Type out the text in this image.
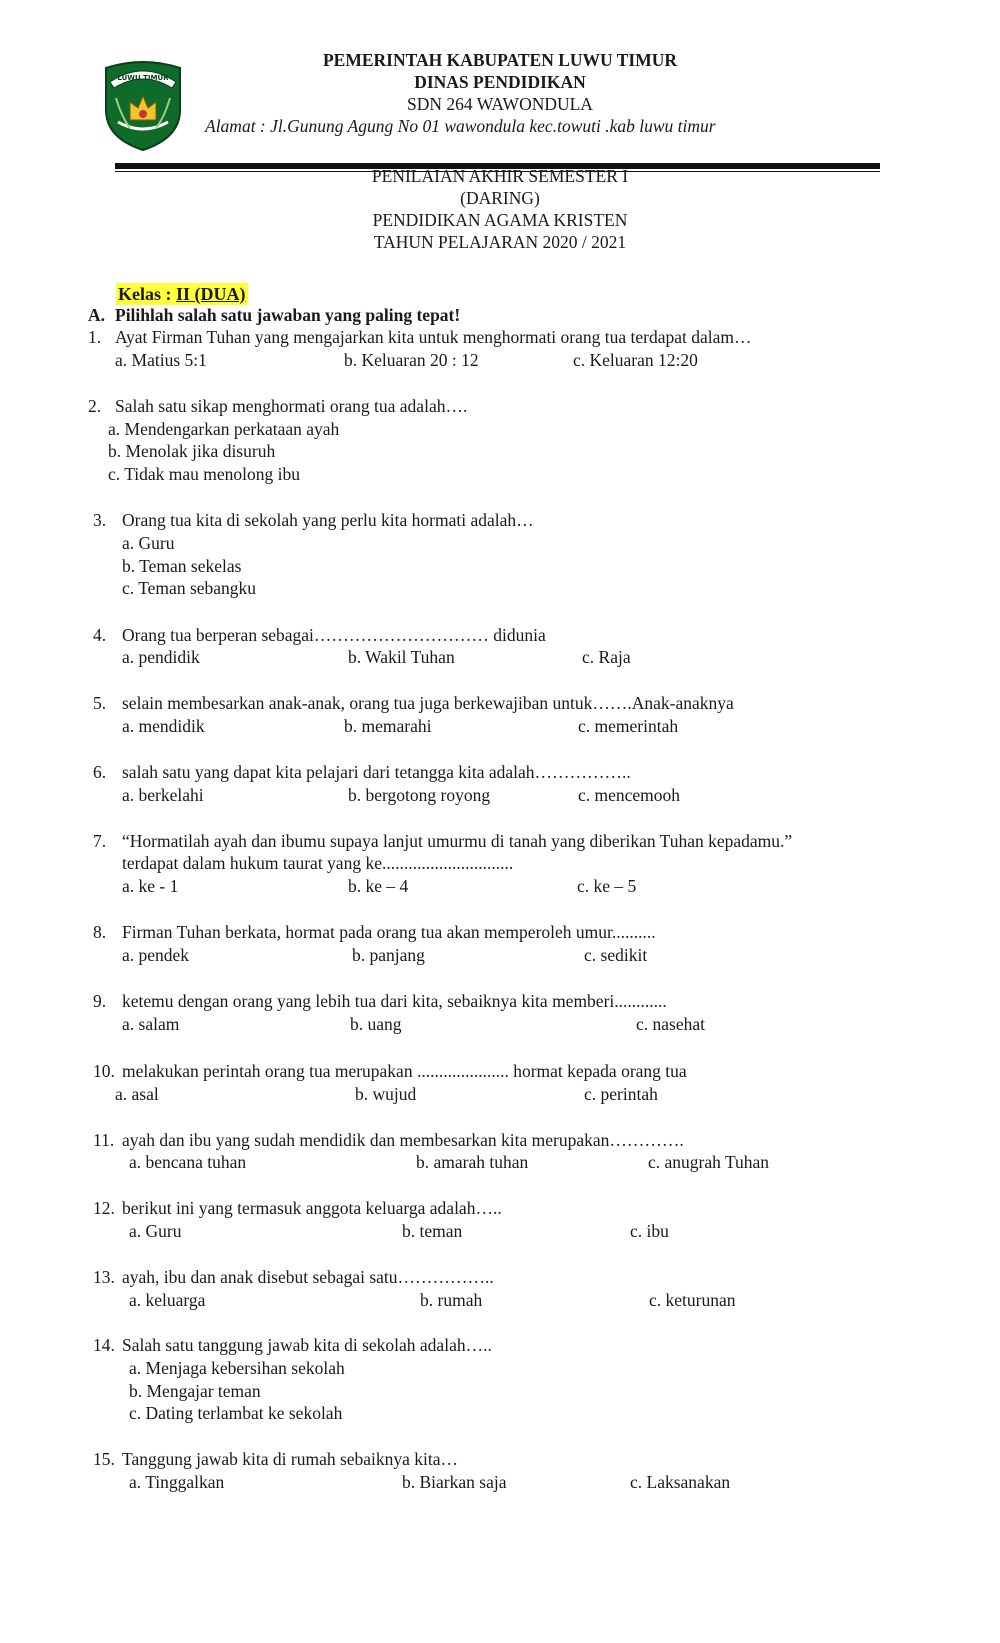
LUWU TIMUR
PEMERINTAH KABUPATEN LUWU TIMUR
DINAS PENDIDIKAN
SDN 264 WAWONDULA
Alamat : Jl.Gunung Agung No 01 wawondula kec.towuti .kab luwu timur
PENILAIAN AKHIR SEMESTER I
(DARING)
PENDIDIKAN AGAMA KRISTEN
TAHUN PELAJARAN 2020 / 2021
Kelas : II (DUA)
A. Pilihlah salah satu jawaban yang paling tepat!
1. Ayat Firman Tuhan yang mengajarkan kita untuk menghormati orang tua terdapat dalam…
a. Matius 5:1	b. Keluaran 20 : 12	c. Keluaran 12:20
2. Salah satu sikap menghormati orang tua adalah….
a. Mendengarkan perkataan ayah
b. Menolak jika disuruh
c. Tidak mau menolong ibu
3. Orang tua kita di sekolah yang perlu kita hormati adalah…
a. Guru
b. Teman sekelas
c. Teman sebangku
4. Orang tua berperan sebagai………………………… didunia
a. pendidik	b. Wakil Tuhan	c. Raja
5. selain membesarkan anak-anak, orang tua juga berkewajiban untuk…….Anak-anaknya
a. mendidik	b. memarahi	c. memerintah
6. salah satu yang dapat kita pelajari dari tetangga kita adalah……………..
a. berkelahi	b. bergotong royong	c. mencemooh
7. “Hormatilah ayah dan ibumu supaya lanjut umurmu di tanah yang diberikan Tuhan kepadamu.”
terdapat dalam hukum taurat yang ke..............................
a. ke - 1	b. ke – 4	c. ke – 5
8. Firman Tuhan berkata, hormat pada orang tua akan memperoleh umur..........
a. pendek	b. panjang	c. sedikit
9. ketemu dengan orang yang lebih tua dari kita, sebaiknya kita memberi............
a. salam	b. uang	c. nasehat
10. melakukan perintah orang tua merupakan ..................... hormat kepada orang tua
a. asal	b. wujud	c. perintah
11. ayah dan ibu yang sudah mendidik dan membesarkan kita merupakan………….
a. bencana tuhan	b. amarah tuhan	c. anugrah Tuhan
12. berikut ini yang termasuk anggota keluarga adalah…..
a. Guru	b. teman	c. ibu
13. ayah, ibu dan anak disebut sebagai satu……………..
a. keluarga	b. rumah	c. keturunan
14. Salah satu tanggung jawab kita di sekolah adalah…..
a. Menjaga kebersihan sekolah
b. Mengajar teman
c. Dating terlambat ke sekolah
15. Tanggung jawab kita di rumah sebaiknya kita…
a. Tinggalkan	b. Biarkan saja	c. Laksanakan
